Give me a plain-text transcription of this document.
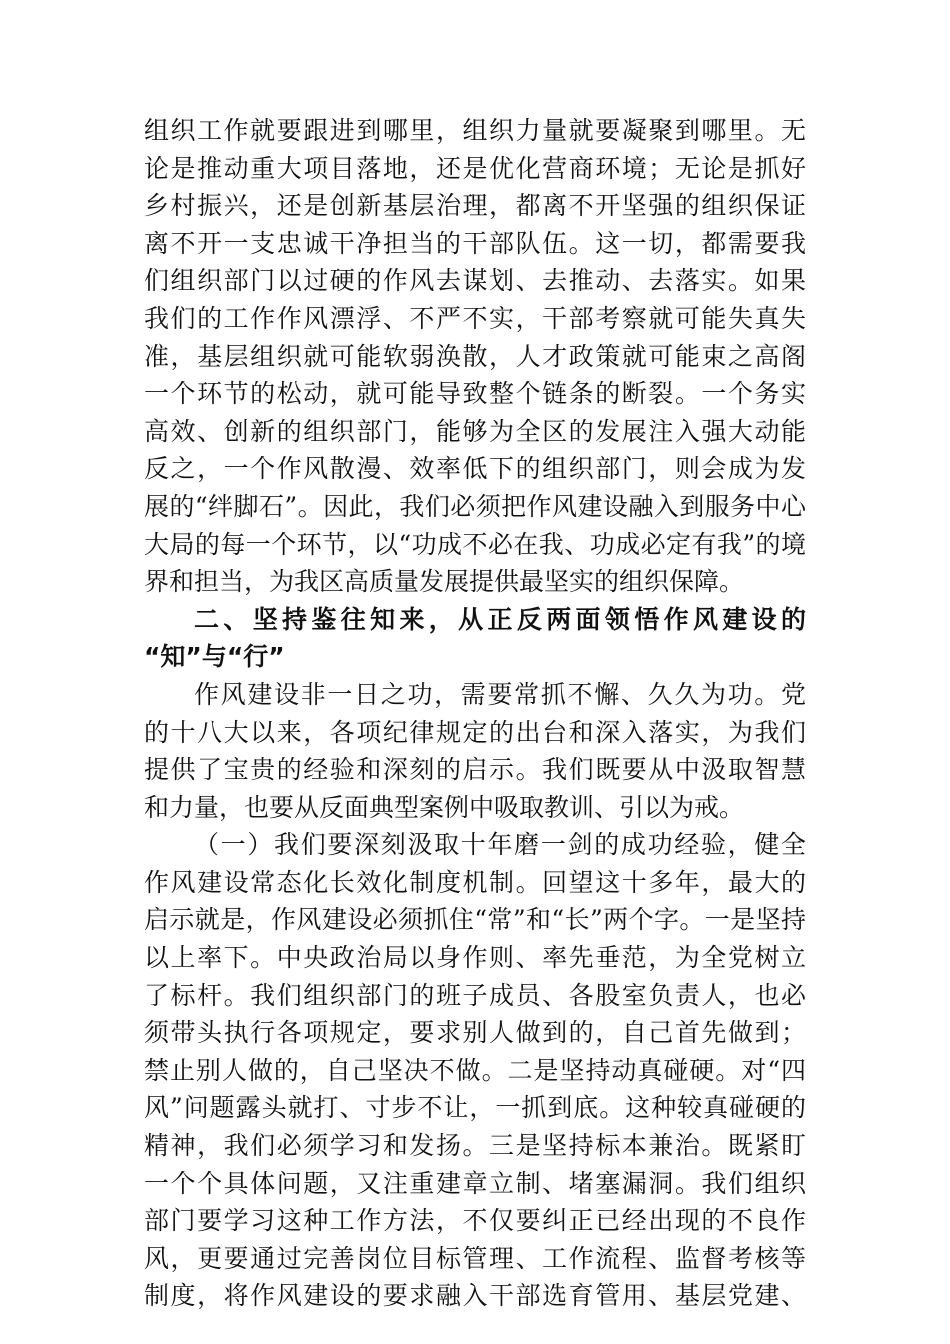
组织工作就要跟进到哪里，组织力量就要凝聚到哪里。无
论是推动重大项目落地，还是优化营商环境；无论是抓好
乡村振兴，还是创新基层治理，都离不开坚强的组织保证
离不开一支忠诚干净担当的干部队伍。这一切，都需要我
们组织部门以过硬的作风去谋划、去推动、去落实。如果
我们的工作作风漂浮、不严不实，干部考察就可能失真失
准，基层组织就可能软弱涣散，人才政策就可能束之高阁
一个环节的松动，就可能导致整个链条的断裂。一个务实
高效、创新的组织部门，能够为全区的发展注入强大动能
反之，一个作风散漫、效率低下的组织部门，则会成为发
展的“绊脚石”。因此，我们必须把作风建设融入到服务中心
大局的每一个环节，以“功成不必在我、功成必定有我”的境
界和担当，为我区高质量发展提供最坚实的组织保障。
二、坚持鉴往知来，从正反两面领悟作风建设的
“知”与“行”
作风建设非一日之功，需要常抓不懈、久久为功。党
的十八大以来，各项纪律规定的出台和深入落实，为我们
提供了宝贵的经验和深刻的启示。我们既要从中汲取智慧
和力量，也要从反面典型案例中吸取教训、引以为戒。
（一）我们要深刻汲取十年磨一剑的成功经验，健全
作风建设常态化长效化制度机制。回望这十多年，最大的
启示就是，作风建设必须抓住“常”和“长”两个字。一是坚持
以上率下。中央政治局以身作则、率先垂范，为全党树立
了标杆。我们组织部门的班子成员、各股室负责人，也必
须带头执行各项规定，要求别人做到的，自己首先做到；
禁止别人做的，自己坚决不做。二是坚持动真碰硬。对“四
风”问题露头就打、寸步不让，一抓到底。这种较真碰硬的
精神，我们必须学习和发扬。三是坚持标本兼治。既紧盯
一个个具体问题，又注重建章立制、堵塞漏洞。我们组织
部门要学习这种工作方法，不仅要纠正已经出现的不良作
风，更要通过完善岗位目标管理、工作流程、监督考核等
制度，将作风建设的要求融入干部选育管用、基层党建、
